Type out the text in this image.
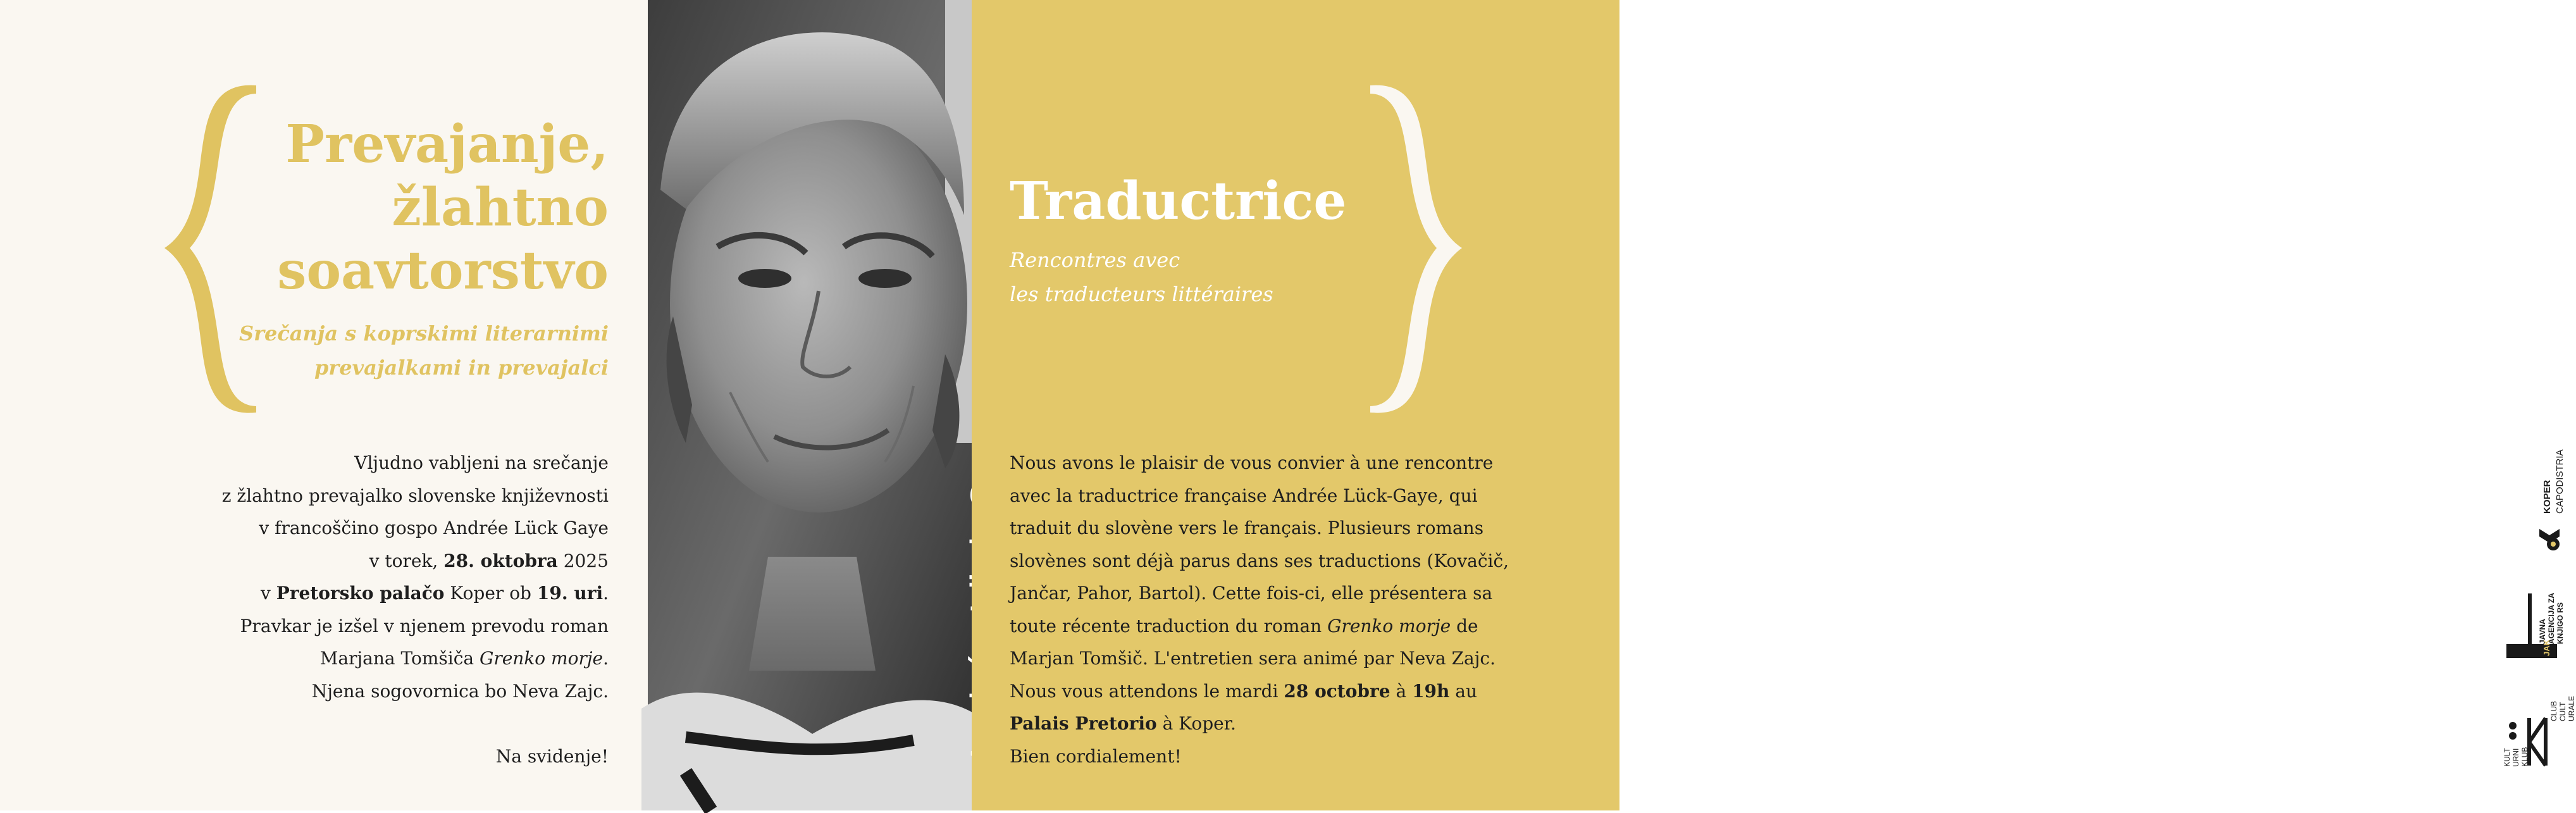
Prevajanje,
žlahtno
soavtorstvo
Srečanja s koprskimi literarnimi
prevajalkami in prevajalci

Vljudno vabljeni na srečanje

z žlahtno prevajalko slovenske književnosti

v francoščino gospo Andrée Lück Gaye

v torek, 28. oktobra 2025

v Pretorsko palačo Koper ob 19. uri.

Pravkar je izšel v njenem prevodu roman

Marjana Tomšiča Grenko morje.

Njena sogovornica bo Neva Zajc.

Na svidenje!

Traductrice
Rencontres avec
les traducteurs littéraires

Nous avons le plaisir de vous convier à une rencontre

avec la traductrice française Andrée Lück-Gaye, qui

traduit du slovène vers le français. Plusieurs romans

slovènes sont déjà parus dans ses traductions (Kovačič,

Jančar, Pahor, Bartol). Cette fois-ci, elle présentera sa

toute récente traduction du roman Grenko morje de

Marjan Tomšič. L'entretien sera animé par Neva Zajc.

Nous vous attendons le mardi 28 octobre à 19h au

Palais Pretorio à Koper.

Bien cordialement!

KOPER CAPODISTRIA
JAVNA AGENCIJA ZA KNJIGO RS
JAK
KULT URNI KLUB
CLUB CULT URALE
